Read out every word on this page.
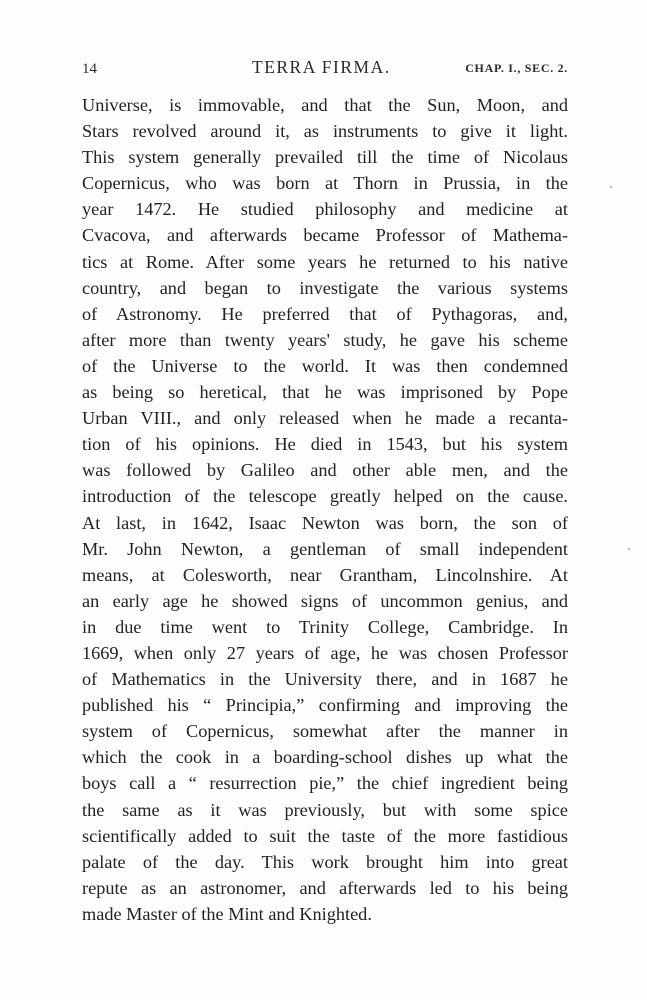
14	TERRA FIRMA.	CHAP. I., SEC. 2.
Universe, is immovable, and that the Sun, Moon, and
Stars revolved around it, as instruments to give it light.
This system generally prevailed till the time of Nicolaus
Copernicus, who was born at Thorn in Prussia, in the
year 1472. He studied philosophy and medicine at
Cvacova, and afterwards became Professor of Mathema-
tics at Rome. After some years he returned to his native
country, and began to investigate the various systems
of Astronomy. He preferred that of Pythagoras, and,
after more than twenty years' study, he gave his scheme
of the Universe to the world. It was then condemned
as being so heretical, that he was imprisoned by Pope
Urban VIII., and only released when he made a recanta-
tion of his opinions. He died in 1543, but his system
was followed by Galileo and other able men, and the
introduction of the telescope greatly helped on the cause.
At last, in 1642, Isaac Newton was born, the son of
Mr. John Newton, a gentleman of small independent
means, at Colesworth, near Grantham, Lincolnshire. At
an early age he showed signs of uncommon genius, and
in due time went to Trinity College, Cambridge. In
1669, when only 27 years of age, he was chosen Professor
of Mathematics in the University there, and in 1687 he
published his “ Principia,” confirming and improving the
system of Copernicus, somewhat after the manner in
which the cook in a boarding-school dishes up what the
boys call a “ resurrection pie,” the chief ingredient being
the same as it was previously, but with some spice
scientifically added to suit the taste of the more fastidious
palate of the day. This work brought him into great
repute as an astronomer, and afterwards led to his being
made Master of the Mint and Knighted.
